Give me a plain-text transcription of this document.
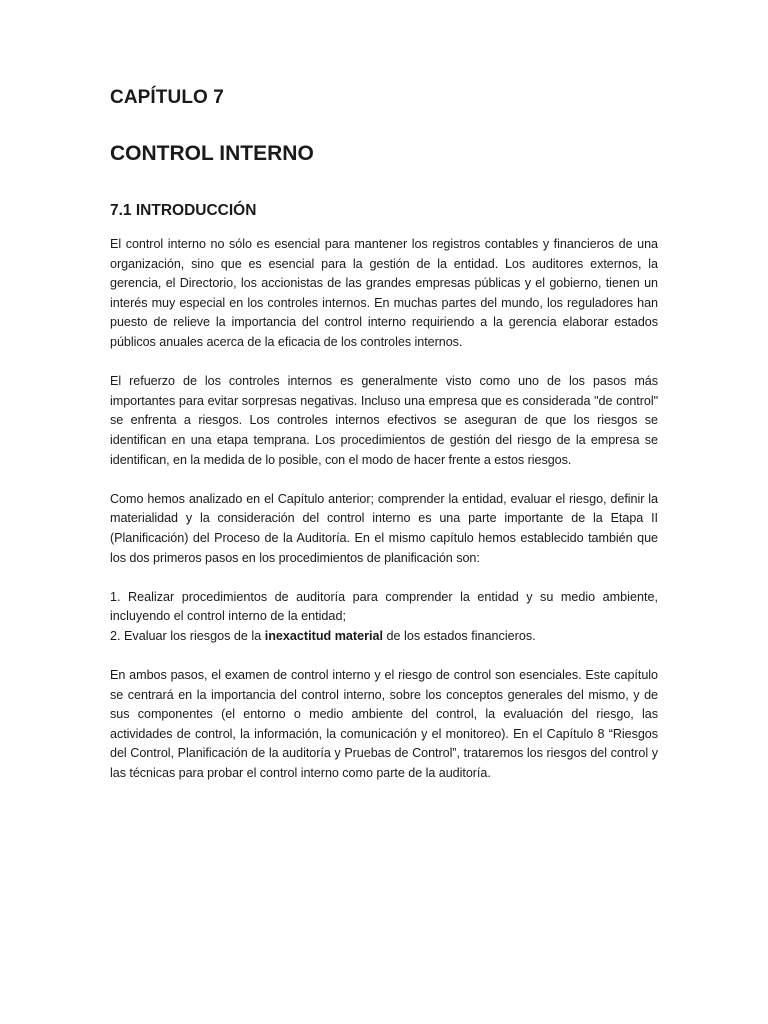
CAPÍTULO 7
CONTROL INTERNO
7.1 INTRODUCCIÓN

El control interno no sólo es esencial para mantener los registros contables y financieros de una organización, sino que es esencial para la gestión de la entidad. Los auditores externos, la gerencia, el Directorio, los accionistas de las grandes empresas públicas y el gobierno, tienen un interés muy especial en los controles internos. En muchas partes del mundo, los reguladores han puesto de relieve la importancia del control interno requiriendo a la gerencia elaborar estados públicos anuales acerca de la eficacia de los controles internos.

El refuerzo de los controles internos es generalmente visto como uno de los pasos más importantes para evitar sorpresas negativas. Incluso una empresa que es considerada "de control" se enfrenta a riesgos. Los controles internos efectivos se aseguran de que los riesgos se identifican en una etapa temprana. Los procedimientos de gestión del riesgo de la empresa se identifican, en la medida de lo posible, con el modo de hacer frente a estos riesgos.

Como hemos analizado en el Capítulo anterior; comprender la entidad, evaluar el riesgo, definir la materialidad y la consideración del control interno es una parte importante de la Etapa II (Planificación) del Proceso de la Auditoría. En el mismo capítulo hemos establecido también que los dos primeros pasos en los procedimientos de planificación son:

1. Realizar procedimientos de auditoría para comprender la entidad y su medio ambiente, incluyendo el control interno de la entidad;

2. Evaluar los riesgos de la inexactitud material de los estados financieros.

En ambos pasos, el examen de control interno y el riesgo de control son esenciales. Este capítulo se centrará en la importancia del control interno, sobre los conceptos generales del mismo, y de sus componentes (el entorno o medio ambiente del control, la evaluación del riesgo, las actividades de control, la información, la comunicación y el monitoreo). En el Capítulo 8 “Riesgos del Control, Planificación de la auditoría y Pruebas de Control”, trataremos los riesgos del control y las técnicas para probar el control interno como parte de la auditoría.
